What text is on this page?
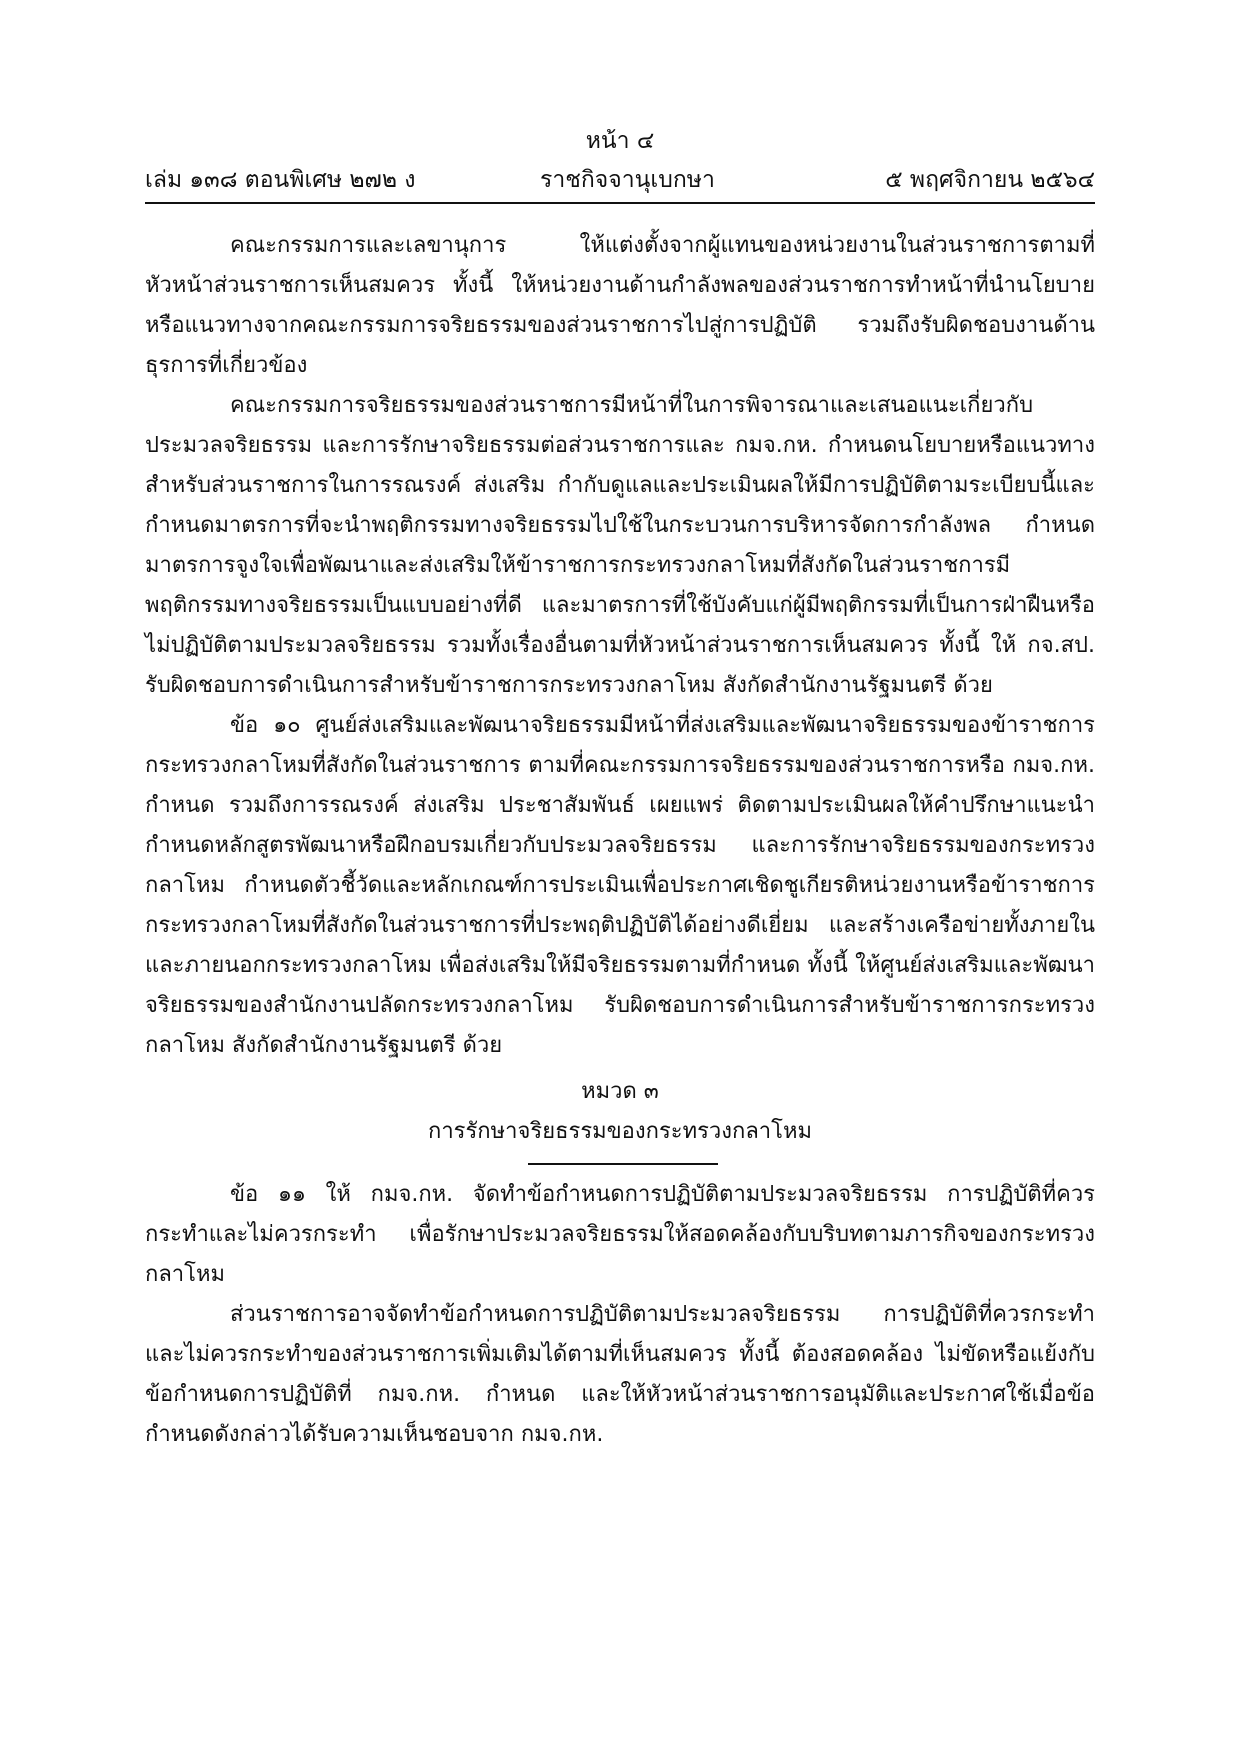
หน้า ๔
เล่ม ๑๓๘ ตอนพิเศษ ๒๗๒ ง	ราชกิจจานุเบกษา	๕ พฤศจิกายน ๒๕๖๔

คณะกรรมการและเลขานุการ ให้แต่งตั้งจากผู้แทนของหน่วยงานในส่วนราชการตามที่หัวหน้าส่วนราชการเห็นสมควร ทั้งนี้ ให้หน่วยงานด้านกำลังพลของส่วนราชการทำหน้าที่นำนโยบายหรือแนวทางจากคณะกรรมการจริยธรรมของส่วนราชการไปสู่การปฏิบัติ รวมถึงรับผิดชอบงานด้านธุรการที่เกี่ยวข้อง

คณะกรรมการจริยธรรมของส่วนราชการมีหน้าที่ในการพิจารณาและเสนอแนะเกี่ยวกับประมวลจริยธรรม และการรักษาจริยธรรมต่อส่วนราชการและ กมจ.กห. กำหนดนโยบายหรือแนวทางสำหรับส่วนราชการในการรณรงค์ ส่งเสริม กำกับดูแลและประเมินผลให้มีการปฏิบัติตามระเบียบนี้และกำหนดมาตรการที่จะนำพฤติกรรมทางจริยธรรมไปใช้ในกระบวนการบริหารจัดการกำลังพล กำหนดมาตรการจูงใจเพื่อพัฒนาและส่งเสริมให้ข้าราชการกระทรวงกลาโหมที่สังกัดในส่วนราชการมีพฤติกรรมทางจริยธรรมเป็นแบบอย่างที่ดี และมาตรการที่ใช้บังคับแก่ผู้มีพฤติกรรมที่เป็นการฝ่าฝืนหรือไม่ปฏิบัติตามประมวลจริยธรรม รวมทั้งเรื่องอื่นตามที่หัวหน้าส่วนราชการเห็นสมควร ทั้งนี้ ให้ กจ.สป. รับผิดชอบการดำเนินการสำหรับข้าราชการกระทรวงกลาโหม สังกัดสำนักงานรัฐมนตรี ด้วย

ข้อ ๑๐ ศูนย์ส่งเสริมและพัฒนาจริยธรรมมีหน้าที่ส่งเสริมและพัฒนาจริยธรรมของข้าราชการกระทรวงกลาโหมที่สังกัดในส่วนราชการ ตามที่คณะกรรมการจริยธรรมของส่วนราชการหรือ กมจ.กห. กำหนด รวมถึงการรณรงค์ ส่งเสริม ประชาสัมพันธ์ เผยแพร่ ติดตามประเมินผลให้คำปรึกษาแนะนำ กำหนดหลักสูตรพัฒนาหรือฝึกอบรมเกี่ยวกับประมวลจริยธรรม และการรักษาจริยธรรมของกระทรวงกลาโหม กำหนดตัวชี้วัดและหลักเกณฑ์การประเมินเพื่อประกาศเชิดชูเกียรติหน่วยงานหรือข้าราชการกระทรวงกลาโหมที่สังกัดในส่วนราชการที่ประพฤติปฏิบัติได้อย่างดีเยี่ยม และสร้างเครือข่ายทั้งภายในและภายนอกกระทรวงกลาโหม เพื่อส่งเสริมให้มีจริยธรรมตามที่กำหนด ทั้งนี้ ให้ศูนย์ส่งเสริมและพัฒนาจริยธรรมของสำนักงานปลัดกระทรวงกลาโหม รับผิดชอบการดำเนินการสำหรับข้าราชการกระทรวงกลาโหม สังกัดสำนักงานรัฐมนตรี ด้วย

หมวด ๓
การรักษาจริยธรรมของกระทรวงกลาโหม

ข้อ ๑๑ ให้ กมจ.กห. จัดทำข้อกำหนดการปฏิบัติตามประมวลจริยธรรม การปฏิบัติที่ควรกระทำและไม่ควรกระทำ เพื่อรักษาประมวลจริยธรรมให้สอดคล้องกับบริบทตามภารกิจของกระทรวงกลาโหม

ส่วนราชการอาจจัดทำข้อกำหนดการปฏิบัติตามประมวลจริยธรรม การปฏิบัติที่ควรกระทำและไม่ควรกระทำของส่วนราชการเพิ่มเติมได้ตามที่เห็นสมควร ทั้งนี้ ต้องสอดคล้อง ไม่ขัดหรือแย้งกับข้อกำหนดการปฏิบัติที่ กมจ.กห. กำหนด และให้หัวหน้าส่วนราชการอนุมัติและประกาศใช้เมื่อข้อกำหนดดังกล่าวได้รับความเห็นชอบจาก กมจ.กห.
